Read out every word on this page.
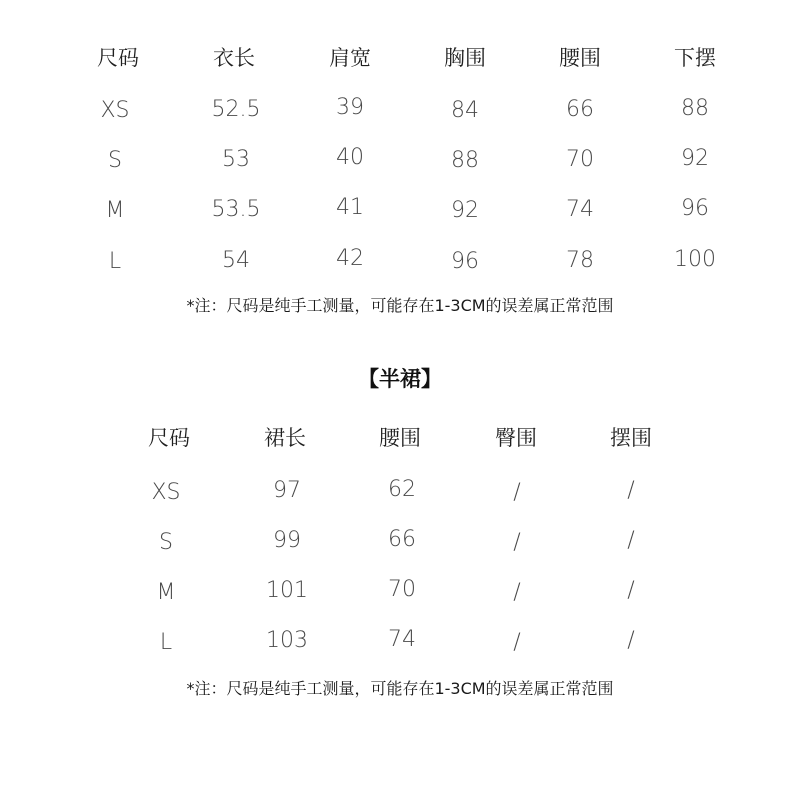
尺码	衣长	肩宽	胸围	腰围	下摆
XS	52.5	39	84	66	88
S	53	40	88	70	92
M	53.5	41	92	74	96
L	54	42	96	78	100
*注：尺码是纯手工测量，可能存在1-3CM的误差属正常范围
【半裙】
尺码	裙长	腰围	臀围	摆围
XS	97	62	/	/
S	99	66	/	/
M	101	70	/	/
L	103	74	/	/
*注：尺码是纯手工测量，可能存在1-3CM的误差属正常范围
